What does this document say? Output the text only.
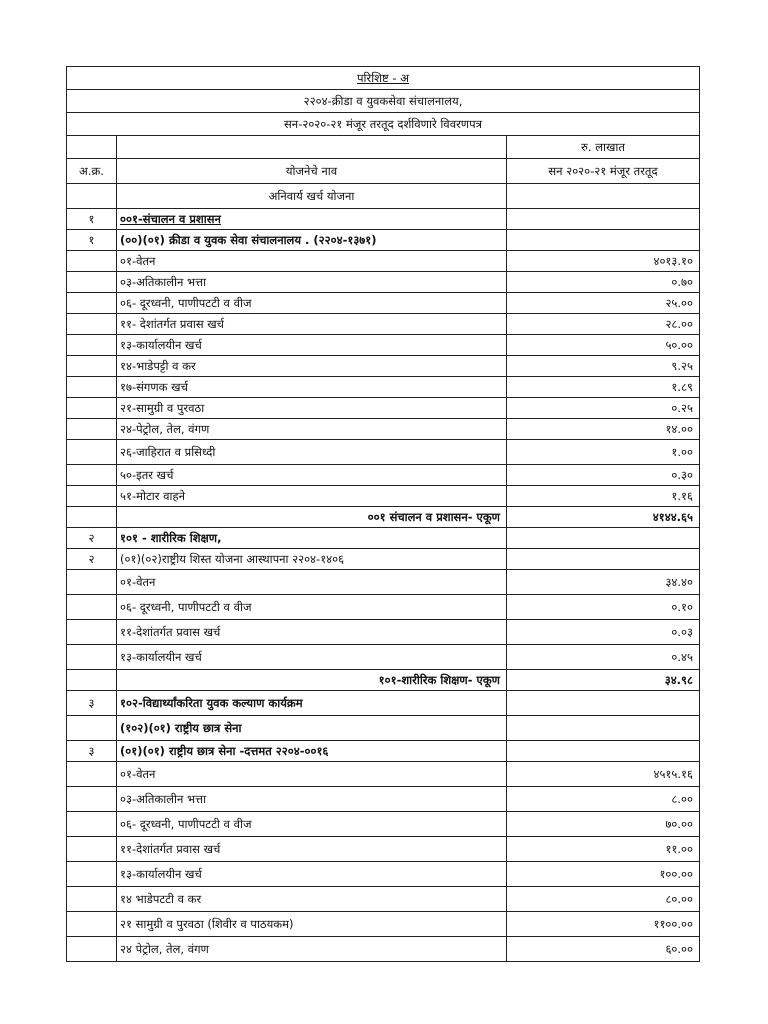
परिशिष्ट - अ		
२२०४-क्रीडा व युवकसेवा संचालनालय,		
सन-२०२०-२१ मंजूर तरतूद दर्शविणारे विवरणपत्र		
		रु. लाखात
अ.क्र.	योजनेचे नाव	सन २०२०-२१ मंजूर तरतूद
	अनिवार्य खर्च योजना	
१	००१-संचालन व प्रशासन	
१	(००)(०१) क्रीडा व युवक सेवा संचालनालय . (२२०४-१३७१)	
	०१-वेतन	४०१३.१०
	०३-अतिकालीन भत्ता	०.७०
	०६- दूरध्वनी, पाणीपटटी व वीज	२५.००
	११- देशांतर्गत प्रवास खर्च	२८.००
	१३-कार्यालयीन खर्च	५०.००
	१४-भाडेपट्टी व कर	९.२५
	१७-संगणक खर्च	१.८९
	२१-सामुग्री व पुरवठा	०.२५
	२४-पेट्रोल, तेल, वंगण	१४.००
	२६-जाहिरात व प्रसिध्दी	१.००
	५०-इतर खर्च	०.३०
	५१-मोटार वाहने	१.१६
	००१ संचालन व प्रशासन- एकूण	४१४४.६५
२	१०१ - शारीरिक शिक्षण,	
२	(०१)(०२)राष्ट्रीय शिस्त योजना आस्थापना २२०४-१४०६	
	०१-वेतन	३४.४०
	०६- दूरध्वनी, पाणीपटटी व वीज	०.१०
	११-देशांतर्गत प्रवास खर्च	०.०३
	१३-कार्यालयीन खर्च	०.४५
	१०१-शारीरिक शिक्षण- एकूण	३४.९८
३	१०२-विद्यार्थ्यांकरिता युवक कल्याण कार्यक्रम	
	(१०२)(०१) राष्ट्रीय छात्र सेना	
३	(०१)(०१) राष्ट्रीय छात्र सेना -दत्तमत २२०४-००१६	
	०१-वेतन	४५१५.१६
	०३-अतिकालीन भत्ता	८.००
	०६- दूरध्वनी, पाणीपटटी व वीज	७०.००
	११-देशांतर्गत प्रवास खर्च	११.००
	१३-कार्यालयीन खर्च	१००.००
	१४ भाडेपटटी व कर	८०.००
	२१ सामुग्री व पुरवठा (शिवीर व पाठयकम)	११००.००
	२४ पेट्रोल, तेल, वंगण	६०.००
